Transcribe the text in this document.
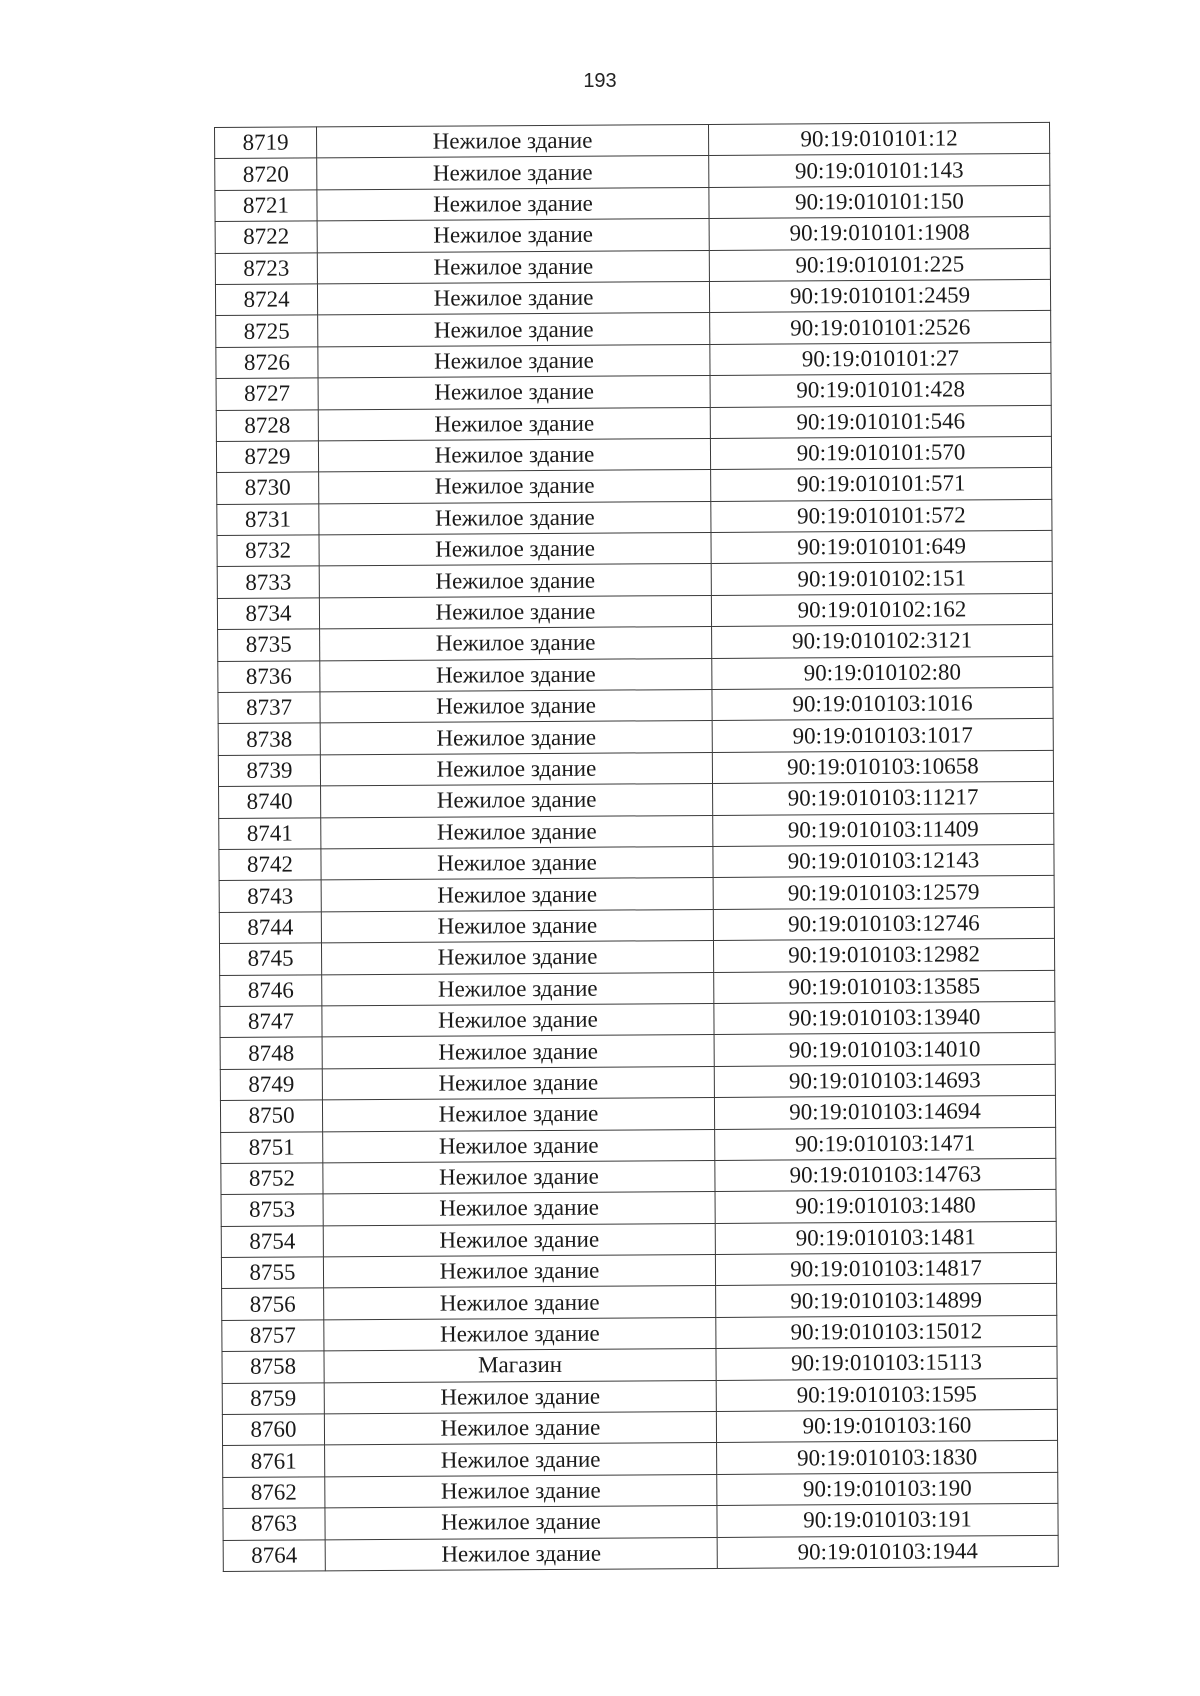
193
8719	Нежилое здание	90:19:010101:12
8720	Нежилое здание	90:19:010101:143
8721	Нежилое здание	90:19:010101:150
8722	Нежилое здание	90:19:010101:1908
8723	Нежилое здание	90:19:010101:225
8724	Нежилое здание	90:19:010101:2459
8725	Нежилое здание	90:19:010101:2526
8726	Нежилое здание	90:19:010101:27
8727	Нежилое здание	90:19:010101:428
8728	Нежилое здание	90:19:010101:546
8729	Нежилое здание	90:19:010101:570
8730	Нежилое здание	90:19:010101:571
8731	Нежилое здание	90:19:010101:572
8732	Нежилое здание	90:19:010101:649
8733	Нежилое здание	90:19:010102:151
8734	Нежилое здание	90:19:010102:162
8735	Нежилое здание	90:19:010102:3121
8736	Нежилое здание	90:19:010102:80
8737	Нежилое здание	90:19:010103:1016
8738	Нежилое здание	90:19:010103:1017
8739	Нежилое здание	90:19:010103:10658
8740	Нежилое здание	90:19:010103:11217
8741	Нежилое здание	90:19:010103:11409
8742	Нежилое здание	90:19:010103:12143
8743	Нежилое здание	90:19:010103:12579
8744	Нежилое здание	90:19:010103:12746
8745	Нежилое здание	90:19:010103:12982
8746	Нежилое здание	90:19:010103:13585
8747	Нежилое здание	90:19:010103:13940
8748	Нежилое здание	90:19:010103:14010
8749	Нежилое здание	90:19:010103:14693
8750	Нежилое здание	90:19:010103:14694
8751	Нежилое здание	90:19:010103:1471
8752	Нежилое здание	90:19:010103:14763
8753	Нежилое здание	90:19:010103:1480
8754	Нежилое здание	90:19:010103:1481
8755	Нежилое здание	90:19:010103:14817
8756	Нежилое здание	90:19:010103:14899
8757	Нежилое здание	90:19:010103:15012
8758	Магазин	90:19:010103:15113
8759	Нежилое здание	90:19:010103:1595
8760	Нежилое здание	90:19:010103:160
8761	Нежилое здание	90:19:010103:1830
8762	Нежилое здание	90:19:010103:190
8763	Нежилое здание	90:19:010103:191
8764	Нежилое здание	90:19:010103:1944
